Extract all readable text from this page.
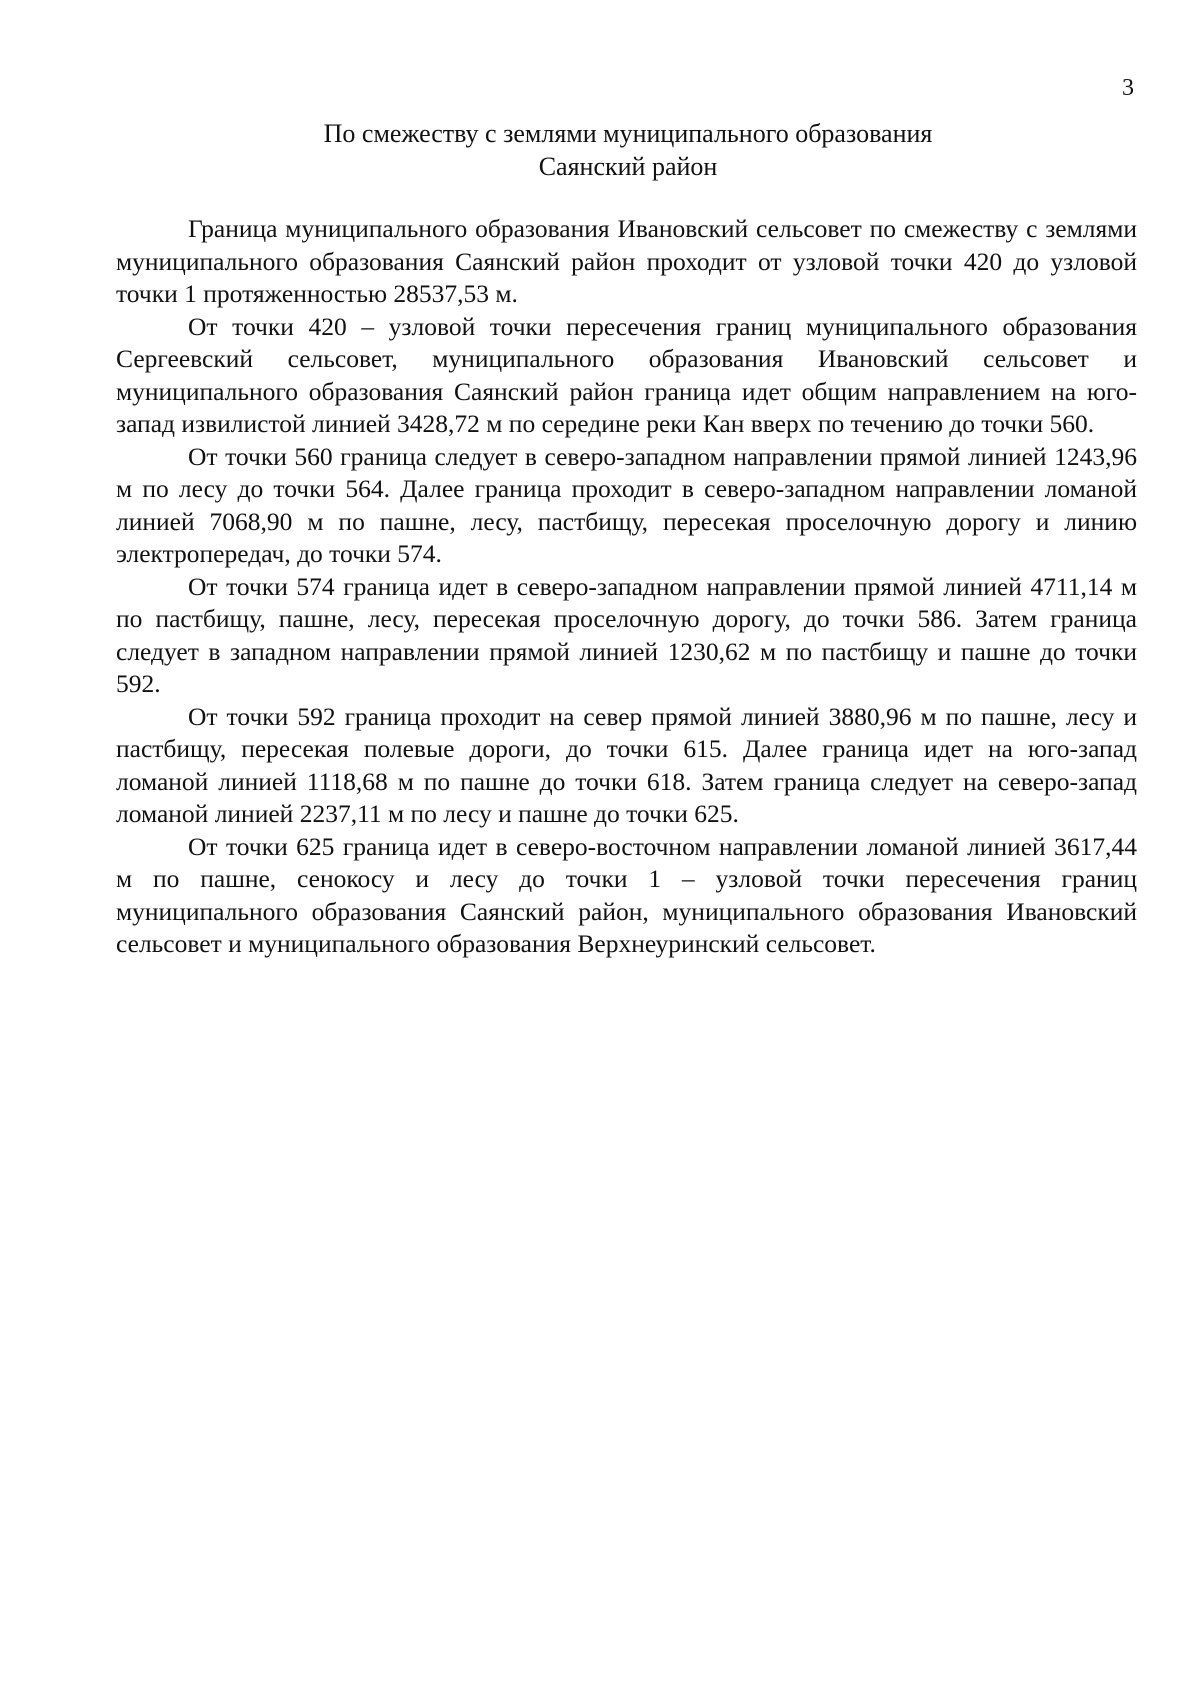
3
По смежеству с землями муниципального образования
Саянский район

Граница муниципального образования Ивановский сельсовет по смежеству с землями муниципального образования Саянский район проходит от узловой точки 420 до узловой точки 1 протяженностью 28537,53 м.

От точки 420 – узловой точки пересечения границ муниципального образования Сергеевский сельсовет, муниципального образования Ивановский сельсовет и муниципального образования Саянский район граница идет общим направлением на юго-запад извилистой линией 3428,72 м по середине реки Кан вверх по течению до точки 560.

От точки 560 граница следует в северо-западном направлении прямой линией 1243,96 м по лесу до точки 564. Далее граница проходит в северо-западном направлении ломаной линией 7068,90 м по пашне, лесу, пастбищу, пересекая проселочную дорогу и линию электропередач, до точки 574.

От точки 574 граница идет в северо-западном направлении прямой линией 4711,14 м по пастбищу, пашне, лесу, пересекая проселочную дорогу, до точки 586. Затем граница следует в западном направлении прямой линией 1230,62 м по пастбищу и пашне до точки 592.

От точки 592 граница проходит на север прямой линией 3880,96 м по пашне, лесу и пастбищу, пересекая полевые дороги, до точки 615. Далее граница идет на юго-запад ломаной линией 1118,68 м по пашне до точки 618. Затем граница следует на северо-запад ломаной линией 2237,11 м по лесу и пашне до точки 625.

От точки 625 граница идет в северо-восточном направлении ломаной линией 3617,44 м по пашне, сенокосу и лесу до точки 1 – узловой точки пересечения границ муниципального образования Саянский район, муниципального образования Ивановский сельсовет и муниципального образования Верхнеуринский сельсовет.
